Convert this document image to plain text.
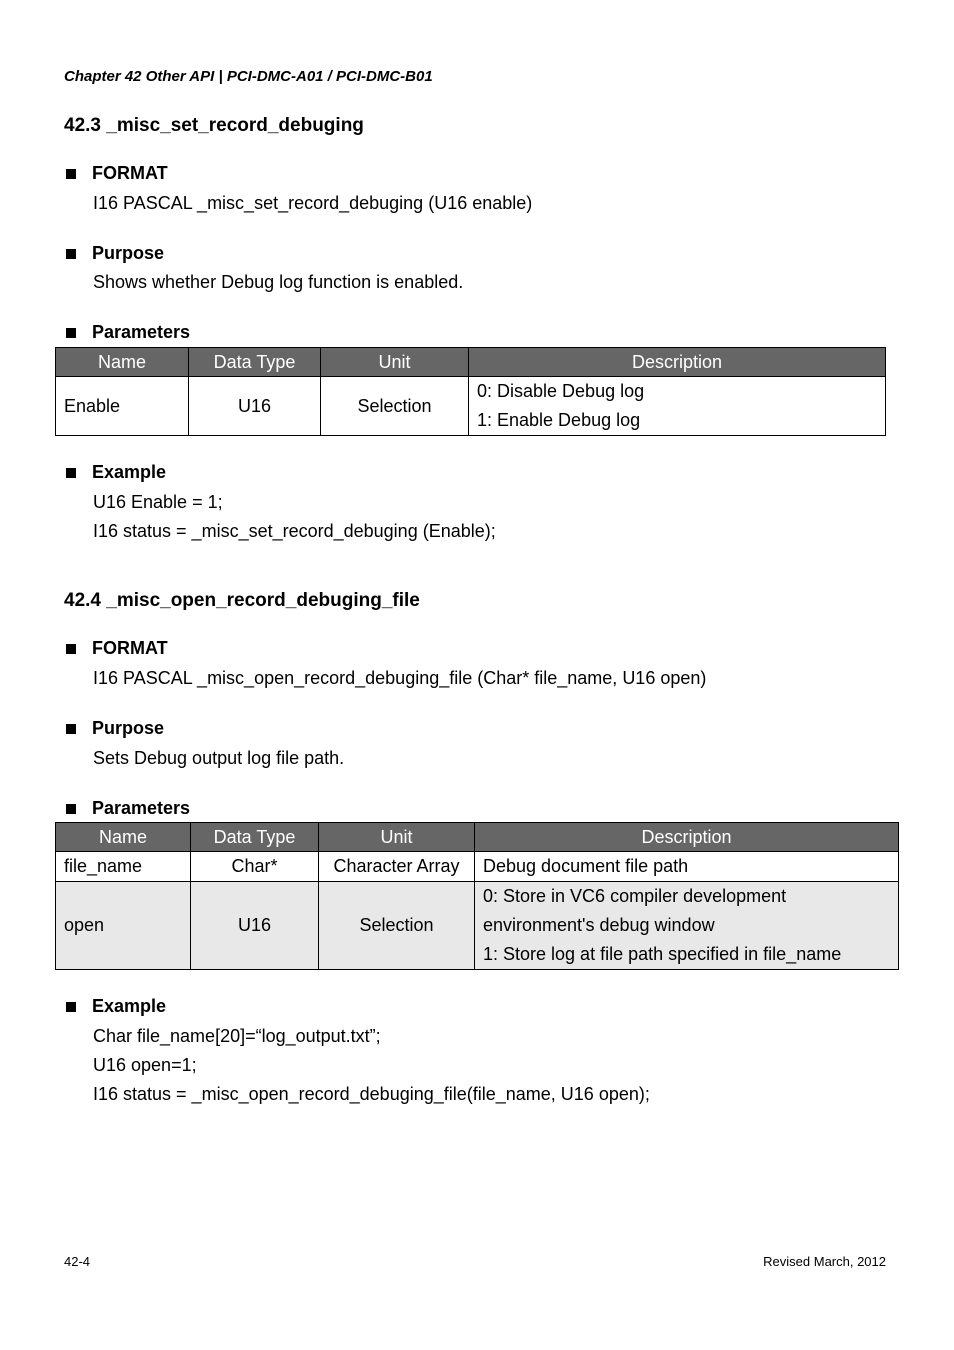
Chapter 42 Other API | PCI-DMC-A01 / PCI-DMC-B01
42.3 _misc_set_record_debuging
FORMAT
I16 PASCAL _misc_set_record_debuging (U16 enable)
Purpose
Shows whether Debug log function is enabled.
Parameters
Name	Data Type	Unit	Description
Enable	U16	Selection	0: Disable Debug log
1: Enable Debug log
Example
U16 Enable = 1;
I16 status = _misc_set_record_debuging (Enable);
42.4 _misc_open_record_debuging_file
FORMAT
I16 PASCAL _misc_open_record_debuging_file (Char* file_name, U16 open)
Purpose
Sets Debug output log file path.
Parameters
Name	Data Type	Unit	Description
file_name	Char*	Character Array	Debug document file path
open	U16	Selection	0: Store in VC6 compiler development
environment's debug window
1: Store log at file path specified in file_name
Example
Char file_name[20]=“log_output.txt”;
U16 open=1;
I16 status = _misc_open_record_debuging_file(file_name, U16 open);
42-4	Revised March, 2012
